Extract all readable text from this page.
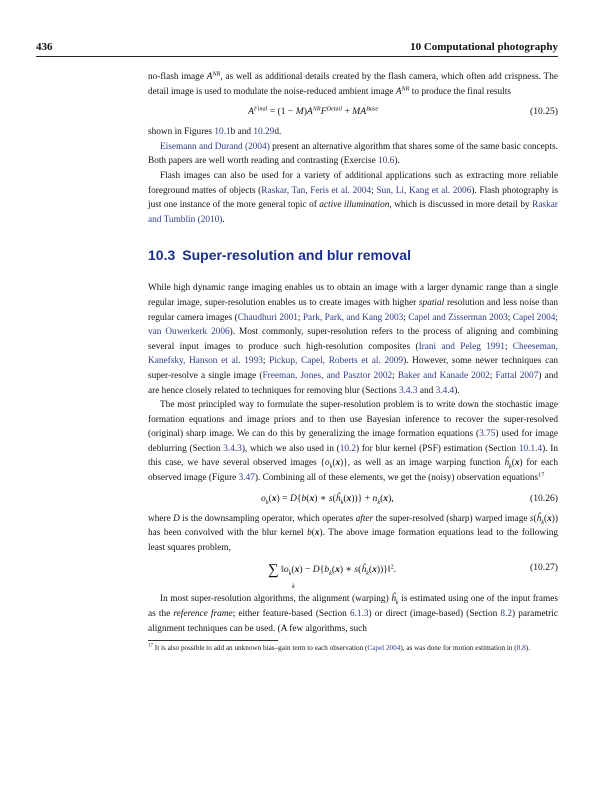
436	10 Computational photography

no-flash image $A^{NR}$, as well as additional details created by the flash camera, which often add crispness. The detail image is used to modulate the noise-reduced ambient image $A^{NR}$ to produce the final results

$A^{Final} = (1 - M)A^{NR}F^{Detail} + MA^{Base}$	(10.25)

shown in Figures 10.1b and 10.29d.

Eisemann and Durand (2004) present an alternative algorithm that shares some of the same basic concepts. Both papers are well worth reading and contrasting (Exercise 10.6).

Flash images can also be used for a variety of additional applications such as extracting more reliable foreground mattes of objects (Raskar, Tan, Feris et al. 2004; Sun, Li, Kang et al. 2006). Flash photography is just one instance of the more general topic of active illumination, which is discussed in more detail by Raskar and Tumblin (2010).

10.3 Super-resolution and blur removal

While high dynamic range imaging enables us to obtain an image with a larger dynamic range than a single regular image, super-resolution enables us to create images with higher spatial resolution and less noise than regular camera images (Chaudhuri 2001; Park, Park, and Kang 2003; Capel and Zisserman 2003; Capel 2004; van Ouwerkerk 2006). Most commonly, super-resolution refers to the process of aligning and combining several input images to produce such high-resolution composites (Irani and Peleg 1991; Cheeseman, Kanefsky, Hanson et al. 1993; Pickup, Capel, Roberts et al. 2009). However, some newer techniques can super-resolve a single image (Freeman, Jones, and Pasztor 2002; Baker and Kanade 2002; Fattal 2007) and are hence closely related to techniques for removing blur (Sections 3.4.3 and 3.4.4).

The most principled way to formulate the super-resolution problem is to write down the stochastic image formation equations and image priors and to then use Bayesian inference to recover the super-resolved (original) sharp image. We can do this by generalizing the image formation equations (3.75) used for image deblurring (Section 3.4.3), which we also used in (10.2) for blur kernel (PSF) estimation (Section 10.1.4). In this case, we have several observed images $\{o_k(x)\}$, as well as an image warping function $ĥ_k(x)$ for each observed image (Figure 3.47). Combining all of these elements, we get the (noisy) observation equations$^{17}$

$o_k(x) = D\{b(x)$ ∗ $s(ĥ_k(x))\} + n_k(x)$,	(10.26)

where D is the downsampling operator, which operates after the super-resolved (sharp) warped image $s(ĥ_k(x))$ has been convolved with the blur kernel b(x). The above image formation equations lead to the following least squares problem,

∑ $‖o_k(x) - D\{b_k(x)$ ∗ $s(ĥ_k(x))\}‖^2$.
k
(10.27)

In most super-resolution algorithms, the alignment (warping) $ĥ_k$ is estimated using one of the input frames as the reference frame; either feature-based (Section 6.1.3) or direct (image-based) (Section 8.2) parametric alignment techniques can be used. (A few algorithms, such

$^{17}$ It is also possible to add an unknown bias–gain term to each observation (Capel 2004), as was done for motion estimation in (8.8).
